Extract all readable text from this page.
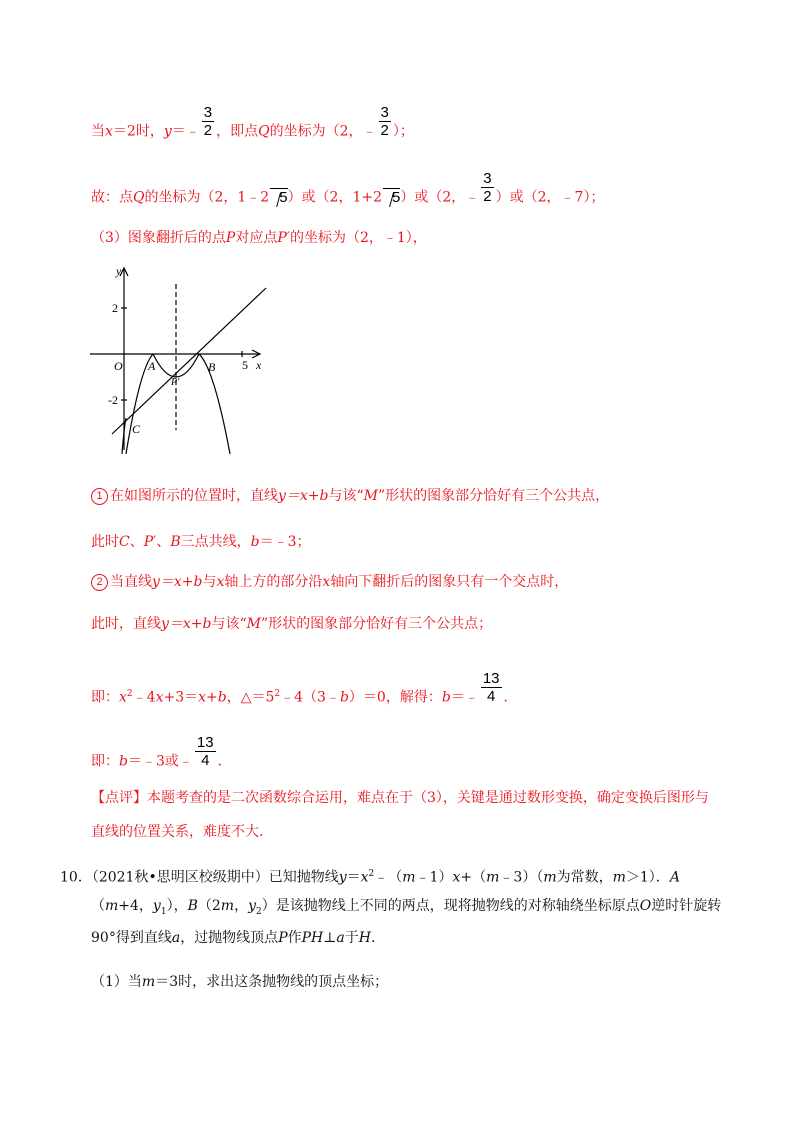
当x＝2时，y＝﹣ $\frac{3}{2}$ ，即点Q的坐标为（2，﹣ $\frac{3}{2}$ ）；
故：点Q的坐标为（2，1﹣2 5）或（2，1+2 5）或（2，﹣ $\frac{3}{2}$ ）或（2，﹣7）；
（3）图象翻折后的点P对应点P′的坐标为（2，﹣1），
y
x
O A	B
C
P′
2
-2
5
1 在如图所示的位置时，直线y＝x+b与该“M”形状的图象部分恰好有三个公共点，
此时C、P′、B三点共线，b＝﹣3；
2 当直线y＝x+b与x轴上方的部分沿x轴向下翻折后的图象只有一个交点时，
此时，直线y＝x+b与该“M”形状的图象部分恰好有三个公共点；
即：$x^2﹣4x+3=x+b$，$\triangle=5^2﹣4(3﹣b)=0$，解得：b＝﹣ $\frac{13}{4}$ ．
即：b＝﹣3或﹣ $\frac{13}{4}$ ．
【点评】本题考查的是二次函数综合运用，难点在于（3），关键是通过数形变换，确定变换后图形与
直线的位置关系，难度不大．
10．（2021秋•思明区校级期中）已知抛物线$y=x^2﹣(m﹣1)x+(m﹣3)(m$为常数，m＞1）．A
（m+4，$y_1$），B（2m，$y_2$）是该抛物线上不同的两点，现将抛物线的对称轴绕坐标原点O逆时针旋转
90°得到直线a，过抛物线顶点P作PH⊥a于H．
（1）当m＝3时，求出这条抛物线的顶点坐标；
